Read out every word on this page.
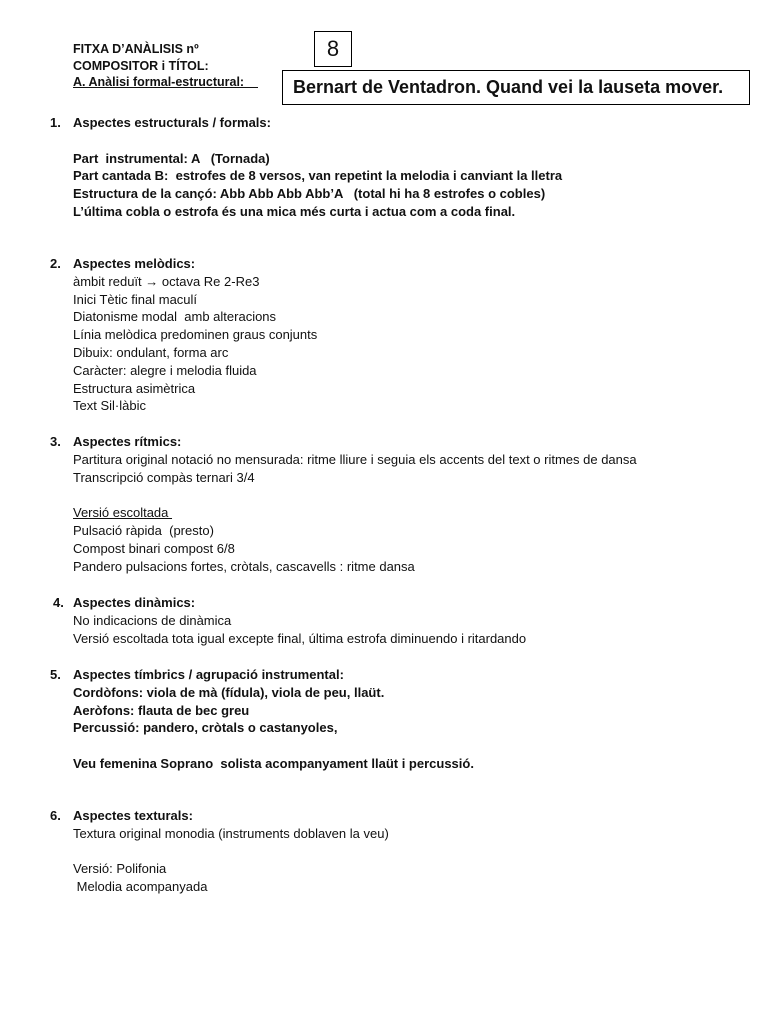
FITXA D’ANÀLISIS nº
COMPOSITOR i TÍTOL:
A. Anàlisi formal-estructural:
8
Bernart de Ventadron. Quand vei la lauseta mover.
1. Aspectes estructurals / formals:
Part  instrumental: A   (Tornada)
Part cantada B:  estrofes de 8 versos, van repetint la melodia i canviant la lletra
Estructura de la cançó: Abb Abb Abb Abb’A   (total hi ha 8 estrofes o cobles)
L’última cobla o estrofa és una mica més curta i actua com a coda final.
2. Aspectes melòdics:
àmbit reduït → octava Re 2-Re3
Inici Tètic final maculí
Diatonisme modal  amb alteracions
Línia melòdica predominen graus conjunts
Dibuix: ondulant, forma arc
Caràcter: alegre i melodia fluida
Estructura asimètrica
Text Sil·làbic
3. Aspectes rítmics:
Partitura original notació no mensurada: ritme lliure i seguia els accents del text o ritmes de dansa
Transcripció compàs ternari 3/4
Versió escoltada
Pulsació ràpida  (presto)
Compost binari compost 6/8
Pandero pulsacions fortes, cròtals, cascavells : ritme dansa
4. Aspectes dinàmics:
No indicacions de dinàmica
Versió escoltada tota igual excepte final, última estrofa diminuendo i ritardando
5. Aspectes tímbrics / agrupació instrumental:
Cordòfons: viola de mà (fídula), viola de peu, llaüt.
Aeròfons: flauta de bec greu
Percussió: pandero, cròtals o castanyoles,
Veu femenina Soprano  solista acompanyament llaüt i percussió.
6. Aspectes texturals:
Textura original monodia (instruments doblaven la veu)
Versió: Polifonia
Melodia acompanyada
